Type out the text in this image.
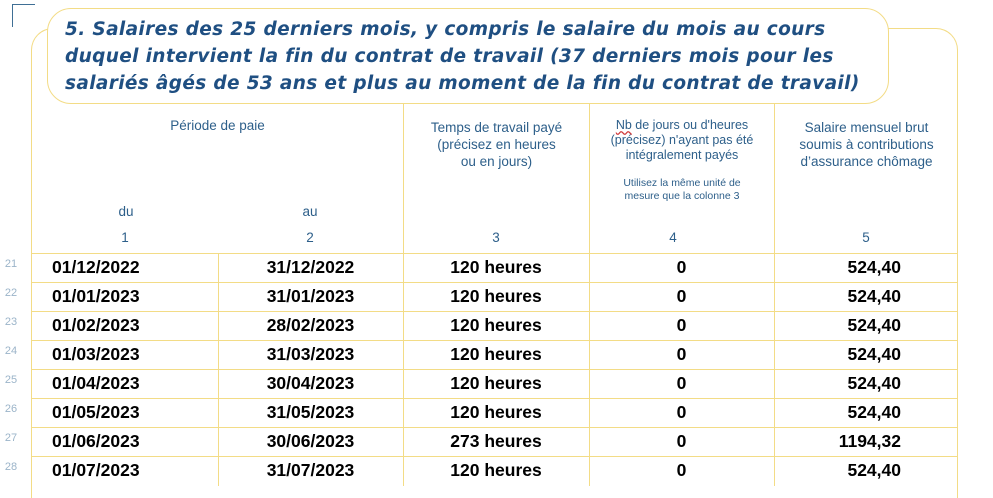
5. Salaires des 25 derniers mois, y compris le salaire du mois au cours duquel intervient la fin du contrat de travail (37 derniers mois pour les salariés âgés de 53 ans et plus au moment de la fin du contrat de travail)

Période de paie
du	au
Temps de travail payé
(précisez en heures
ou en jours)
Nb de jours ou d'heures
(précisez) n'ayant pas été
intégralement payés
Utilisez la même unité de
mesure que la colonne 3
Salaire mensuel brut
soumis à contributions
d’assurance chômage
1	2	3	4	5
21 01/12/2022	31/12/2022	120 heures	0	524,40
22 01/01/2023	31/01/2023	120 heures	0	524,40
23 01/02/2023	28/02/2023	120 heures	0	524,40
24 01/03/2023	31/03/2023	120 heures	0	524,40
25 01/04/2023	30/04/2023	120 heures	0	524,40
26 01/05/2023	31/05/2023	120 heures	0	524,40
27 01/06/2023	30/06/2023	273 heures	0	1194,32
28 01/07/2023	31/07/2023	120 heures	0	524,40
